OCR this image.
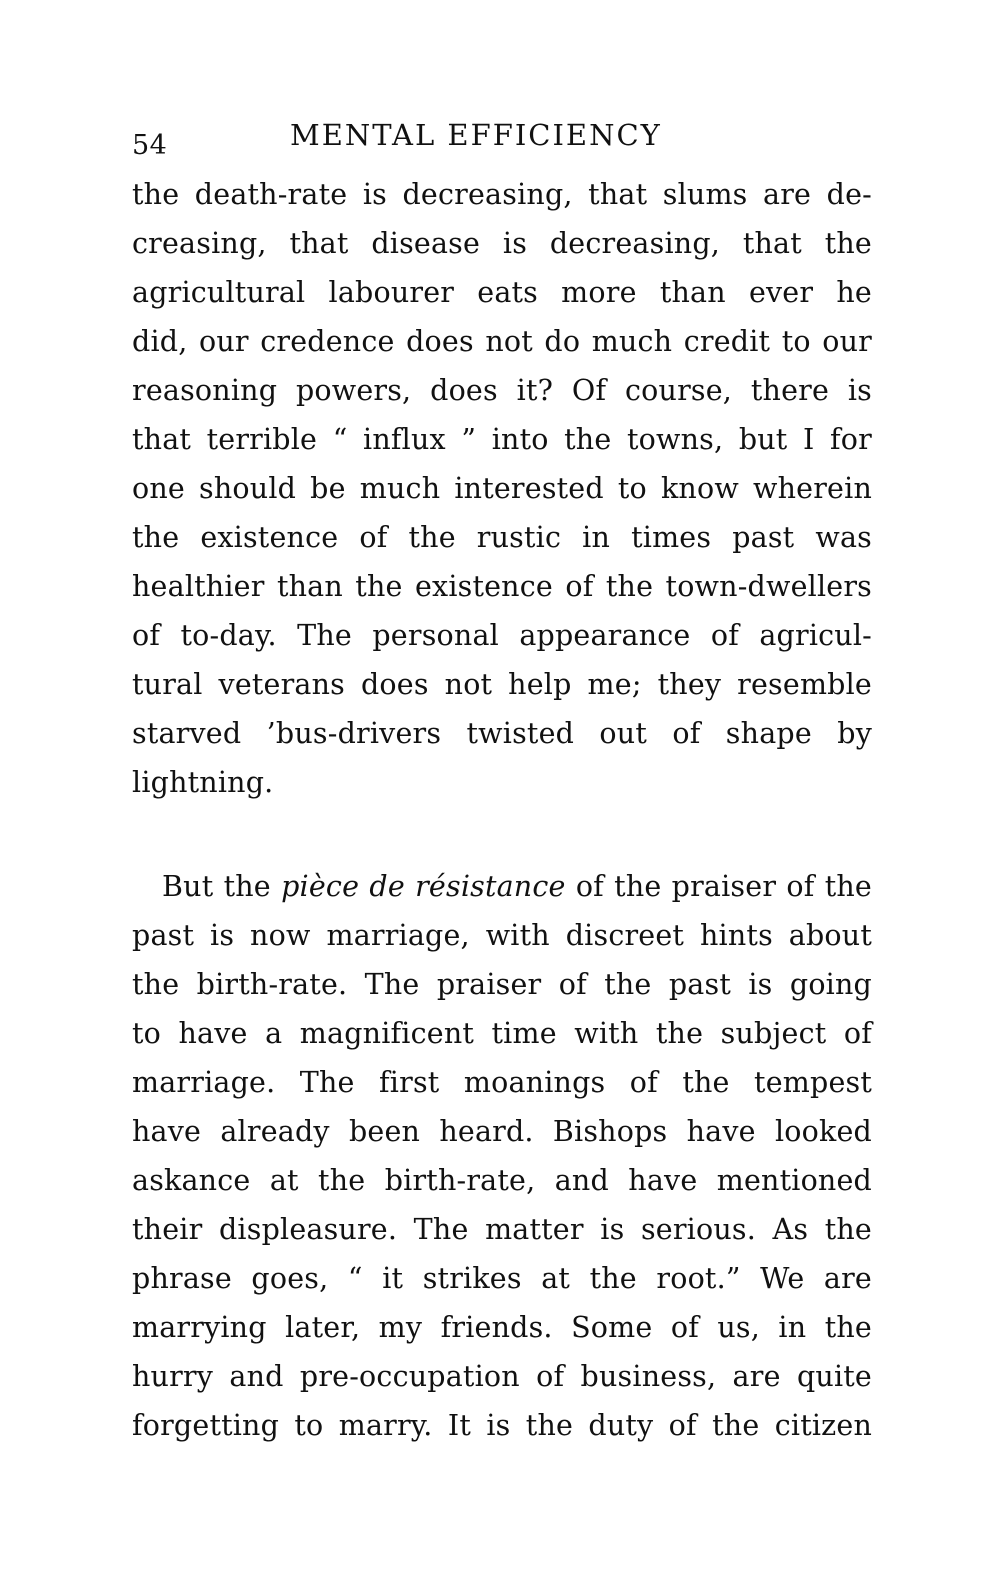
54	MENTAL EFFICIENCY
the death-rate is decreasing, that slums are de-
creasing, that disease is decreasing, that the
agricultural labourer eats more than ever he
did, our credence does not do much credit to our
reasoning powers, does it? Of course, there is
that terrible “ influx ” into the towns, but I for
one should be much interested to know wherein
the existence of the rustic in times past was
healthier than the existence of the town-dwellers
of to-day. The personal appearance of agricul-
tural veterans does not help me; they resemble
starved ’bus-drivers twisted out of shape by
lightning.
But the pièce de résistance of the praiser of the
past is now marriage, with discreet hints about
the birth-rate. The praiser of the past is going
to have a magnificent time with the subject of
marriage. The first moanings of the tempest
have already been heard. Bishops have looked
askance at the birth-rate, and have mentioned
their displeasure. The matter is serious. As the
phrase goes, “ it strikes at the root.” We are
marrying later, my friends. Some of us, in the
hurry and pre-occupation of business, are quite
forgetting to marry. It is the duty of the citizen
